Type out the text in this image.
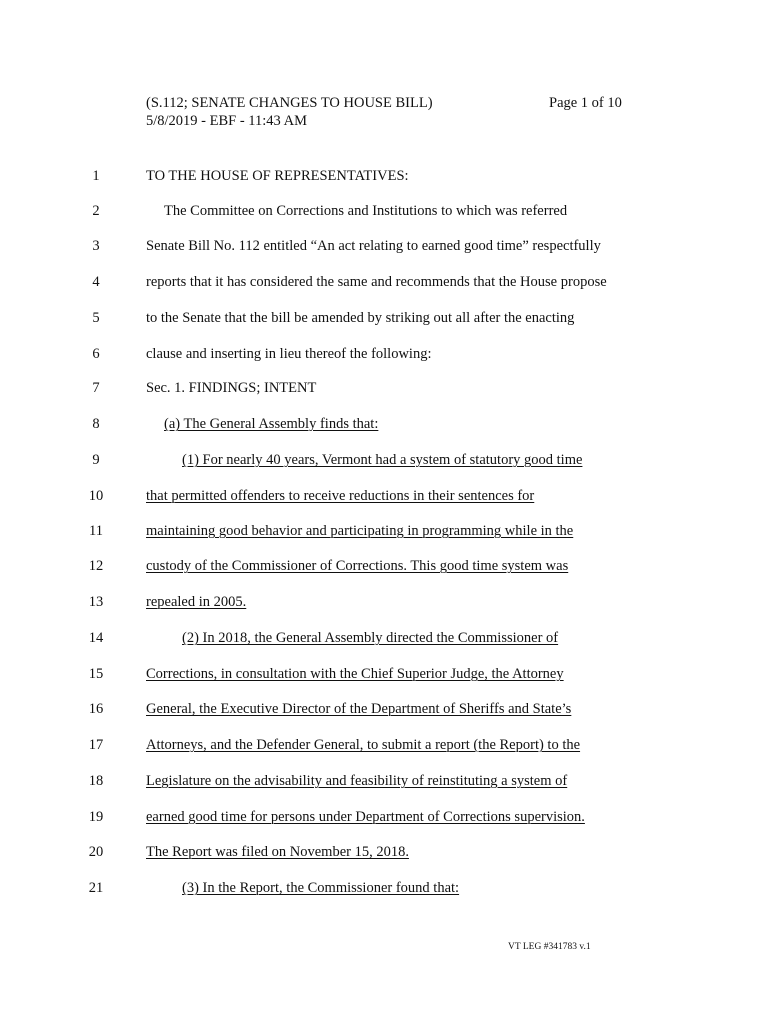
(S.112; SENATE CHANGES TO HOUSE BILL)
5/8/2019 - EBF - 11:43 AM
Page 1 of 10
1	TO THE HOUSE OF REPRESENTATIVES:
2	The Committee on Corrections and Institutions to which was referred
3	Senate Bill No. 112 entitled “An act relating to earned good time” respectfully
4	reports that it has considered the same and recommends that the House propose
5	to the Senate that the bill be amended by striking out all after the enacting
6	clause and inserting in lieu thereof the following:
7	Sec. 1. FINDINGS; INTENT
8	(a) The General Assembly finds that:
9	(1) For nearly 40 years, Vermont had a system of statutory good time
10	that permitted offenders to receive reductions in their sentences for
11	maintaining good behavior and participating in programming while in the
12	custody of the Commissioner of Corrections. This good time system was
13	repealed in 2005.
14	(2) In 2018, the General Assembly directed the Commissioner of
15	Corrections, in consultation with the Chief Superior Judge, the Attorney
16	General, the Executive Director of the Department of Sheriffs and State’s
17	Attorneys, and the Defender General, to submit a report (the Report) to the
18	Legislature on the advisability and feasibility of reinstituting a system of
19	earned good time for persons under Department of Corrections supervision.
20	The Report was filed on November 15, 2018.
21	(3) In the Report, the Commissioner found that:
VT LEG #341783 v.1
